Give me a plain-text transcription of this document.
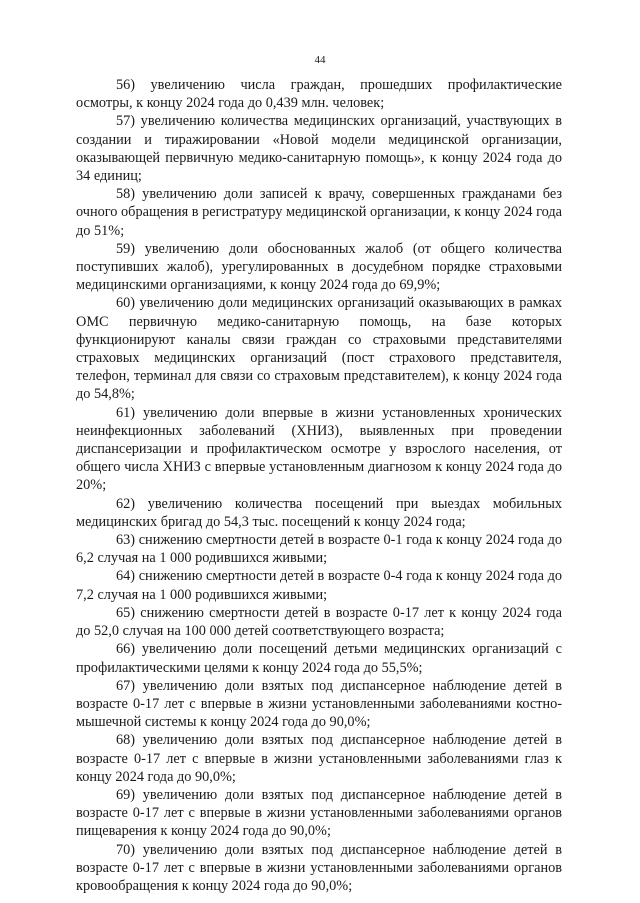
44

56) увеличению числа граждан, прошедших профилактические осмотры, к концу 2024 года до 0,439 млн. человек;

57) увеличению количества медицинских организаций, участвующих в создании и тиражировании «Новой модели медицинской организации, оказывающей первичную медико-санитарную помощь», к концу 2024 года до 34 единиц;

58) увеличению доли записей к врачу, совершенных гражданами без очного обращения в регистратуру медицинской организации, к концу 2024 года до 51%;

59) увеличению доли обоснованных жалоб (от общего количества поступивших жалоб), урегулированных в досудебном порядке страховыми медицинскими организациями, к концу 2024 года до 69,9%;

60) увеличению доли медицинских организаций оказывающих в рамках ОМС первичную медико-санитарную помощь, на базе которых функционируют каналы связи граждан со страховыми представителями страховых медицинских организаций (пост страхового представителя, телефон, терминал для связи со страховым представителем), к концу 2024 года до 54,8%;

61) увеличению доли впервые в жизни установленных хронических неинфекционных заболеваний (ХНИЗ), выявленных при проведении диспансеризации и профилактическом осмотре у взрослого населения, от общего числа ХНИЗ с впервые установленным диагнозом к концу 2024 года до 20%;

62) увеличению количества посещений при выездах мобильных медицинских бригад до 54,3 тыс. посещений к концу 2024 года;

63) снижению смертности детей в возрасте 0-1 года к концу 2024 года до 6,2 случая на 1 000 родившихся живыми;

64) снижению смертности детей в возрасте 0-4 года к концу 2024 года до 7,2 случая на 1 000 родившихся живыми;

65) снижению смертности детей в возрасте 0-17 лет к концу 2024 года до 52,0 случая на 100 000 детей соответствующего возраста;

66) увеличению доли посещений детьми медицинских организаций с профилактическими целями к концу 2024 года до 55,5%;

67) увеличению доли взятых под диспансерное наблюдение детей в возрасте 0-17 лет с впервые в жизни установленными заболеваниями костно-мышечной системы к концу 2024 года до 90,0%;

68) увеличению доли взятых под диспансерное наблюдение детей в возрасте 0-17 лет с впервые в жизни установленными заболеваниями глаз к концу 2024 года до 90,0%;

69) увеличению доли взятых под диспансерное наблюдение детей в возрасте 0-17 лет с впервые в жизни установленными заболеваниями органов пищеварения к концу 2024 года до 90,0%;

70) увеличению доли взятых под диспансерное наблюдение детей в возрасте 0-17 лет с впервые в жизни установленными заболеваниями органов кровообращения к концу 2024 года до 90,0%;
